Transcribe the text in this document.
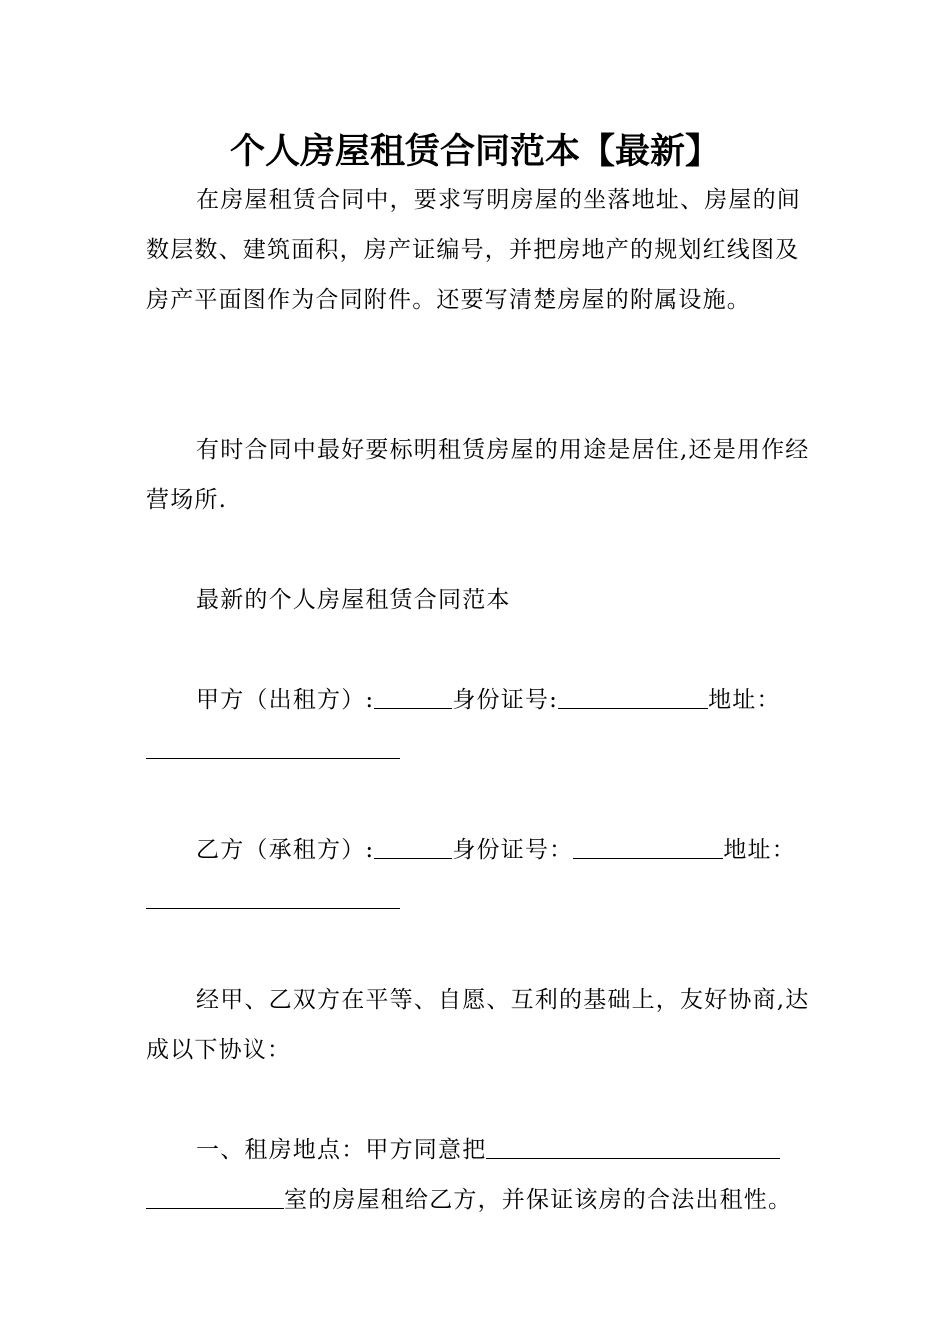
个人房屋租赁合同范本【最新】

在房屋租赁合同中，要求写明房屋的坐落地址、房屋的间数层数、建筑面积，房产证编号，并把房地产的规划红线图及房产平面图作为合同附件。还要写清楚房屋的附属设施。

有时合同中最好要标明租赁房屋的用途是居住,还是用作经营场所.

最新的个人房屋租赁合同范本

甲方（出租方）:	身份证号:	地址：

乙方（承租方）:	身份证号：	地址：

经甲、乙双方在平等、自愿、互利的基础上，友好协商,达成以下协议：

一、租房地点：甲方同意把

室的房屋租给乙方，并保证该房的合法出租性。
